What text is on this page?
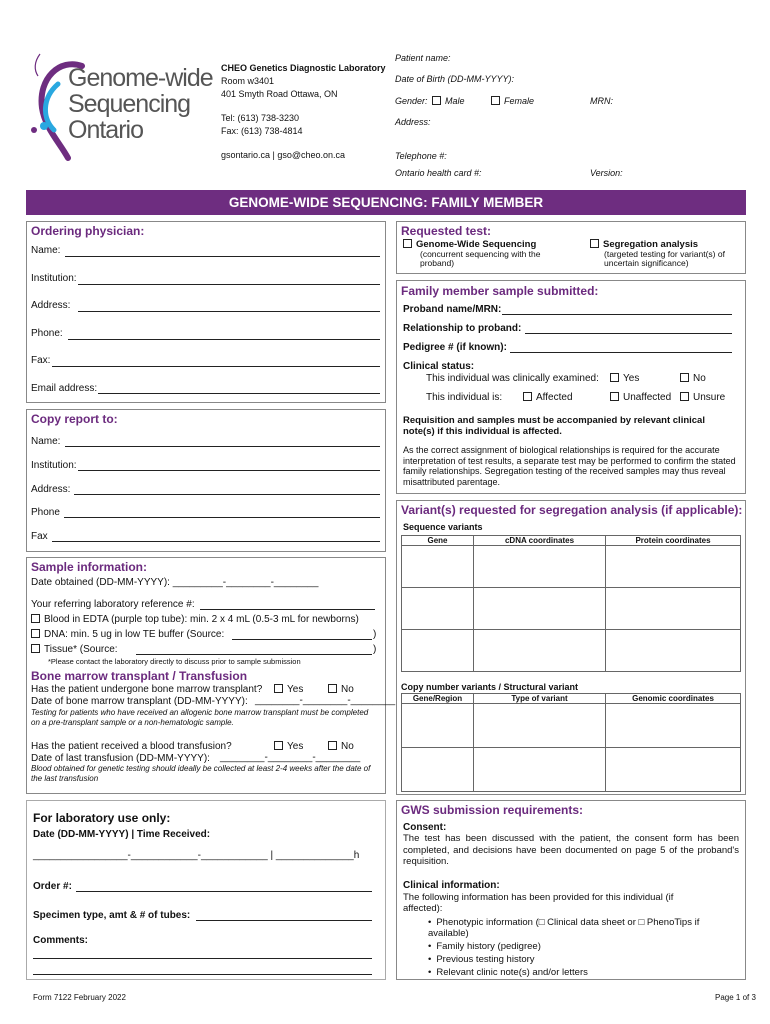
Genome-wide
Sequencing
Ontario
CHEO Genetics Diagnostic Laboratory
Room w3401
401 Smyth Road Ottawa, ON
Tel: (613) 738-3230
Fax: (613) 738-4814
gsontario.ca | gso@cheo.on.ca
Patient name:
Date of Birth (DD-MM-YYYY):
Gender:	Male	Female	MRN:
Address:
Telephone #:
Ontario health card #:	Version:
GENOME-WIDE SEQUENCING: FAMILY MEMBER
Ordering physician:
Name:
Institution:
Address:
Phone:
Fax:
Email address:
Copy report to:
Name:
Institution:
Address:
Phone
Fax
Requested test:
Genome-Wide Sequencing
(concurrent sequencing with the proband)
Segregation analysis
(targeted testing for variant(s) of uncertain significance)
Family member sample submitted:
Proband name/MRN:
Relationship to proband:
Pedigree # (if known):
Clinical status:
This individual was clinically examined:	Yes	No
This individual is:	Affected	Unaffected	Unsure
Requisition and samples must be accompanied by relevant clinical note(s) if this individual is affected.
As the correct assignment of biological relationships is required for the accurate interpretation of test results, a separate test may be performed to confirm the stated family relationships. Segregation testing of the received samples may thus reveal misattributed parentage.
Variant(s) requested for segregation analysis (if applicable):
Sequence variants
Gene	cDNA coordinates	Protein coordinates

Copy number variants / Structural variant
Gene/Region	Type of variant	Genomic coordinates

Sample information:
Date obtained (DD-MM-YYYY): _________-________-________
Your referring laboratory reference #:
Blood in EDTA (purple top tube): min. 2 x 4 mL (0.5-3 mL for newborns)
DNA: min. 5 ug in low TE buffer (Source:	)
Tissue* (Source:	)
*Please contact the laboratory directly to discuss prior to sample submission
Bone marrow transplant / Transfusion
Has the patient undergone bone marrow transplant?	Yes	No
Date of bone marrow transplant (DD-MM-YYYY): ________-________-________
Testing for patients who have received an allogenic bone marrow transplant must be completed on a pre-transplant sample or a non-hematologic sample.
Has the patient received a blood transfusion?	Yes	No
Date of last transfusion (DD-MM-YYYY): ________-________-________
Blood obtained for genetic testing should ideally be collected at least 2-4 weeks after the date of the last transfusion
For laboratory use only:
Date (DD-MM-YYYY) | Time Received:
_________________-____________-____________ | ______________h
Order #:
Specimen type, amt & # of tubes:
Comments:
GWS submission requirements:
Consent:
The test has been discussed with the patient, the consent form has been completed, and decisions have been documented on page 5 of the proband's requisition.
Clinical information:
The following information has been provided for this individual (if affected):
• Phenotypic information (□ Clinical data sheet or □ PhenoTips if available)
• Family history (pedigree)
• Previous testing history
• Relevant clinic note(s) and/or letters
Form 7122 February 2022	Page 1 of 3
